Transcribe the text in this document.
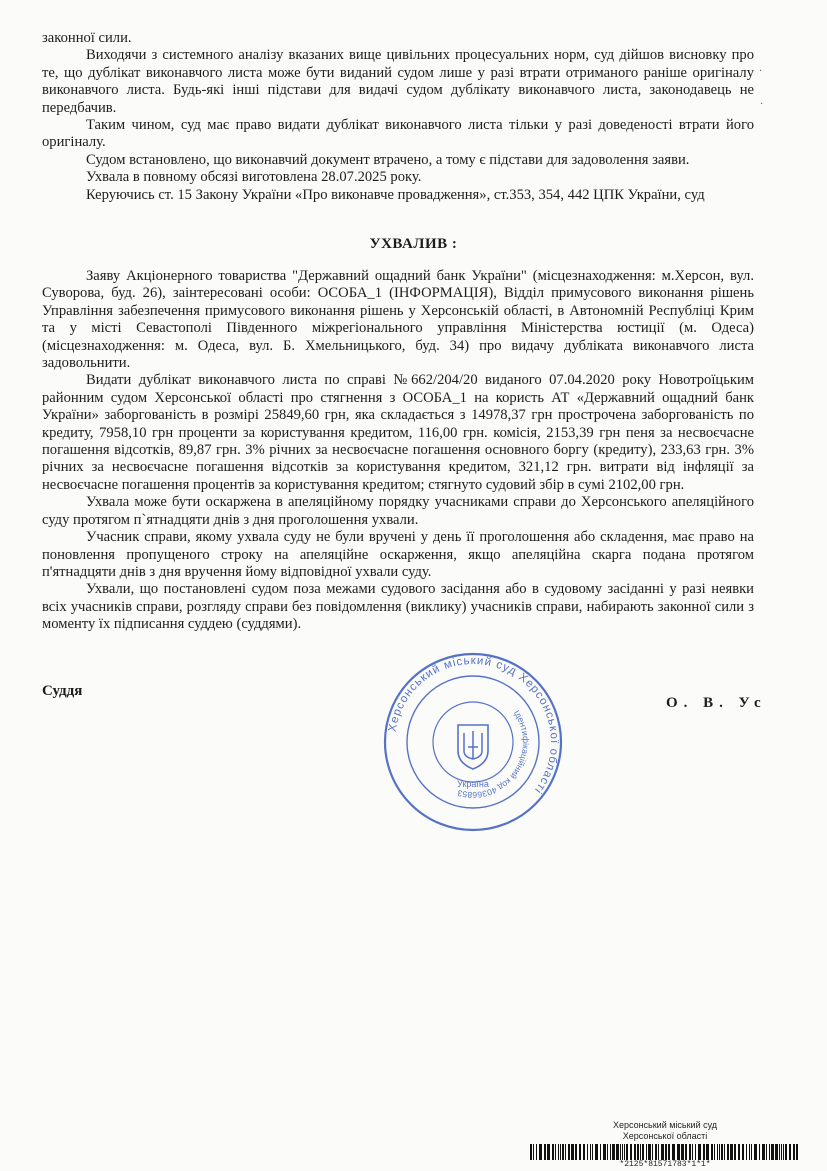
законної сили.

Виходячи з системного аналізу вказаних вище цивільних процесуальних норм, суд дійшов висновку про те, що дублікат виконавчого листа може бути виданий судом лише у разі втрати отриманого раніше оригіналу виконавчого листа. Будь-які інші підстави для видачі судом дублікату виконавчого листа, законодавець не передбачив.

Таким чином, суд має право видати дублікат виконавчого листа тільки у разі доведеності втрати його оригіналу.

Судом встановлено, що виконавчий документ втрачено, а тому є підстави для задоволення заяви.

Ухвала в повному обсязі виготовлена 28.07.2025 року.

Керуючись ст. 15 Закону України «Про виконавче провадження», ст.353, 354, 442 ЦПК України, суд

УХВАЛИВ :

Заяву Акціонерного товариства "Державний ощадний банк України" (місцезнаходження: м.Херсон, вул. Суворова, буд. 26), заінтересовані особи: ОСОБА_1 (ІНФОРМАЦІЯ), Відділ примусового виконання рішень Управління забезпечення примусового виконання рішень у Херсонській області, в Автономній Республіці Крим та у місті Севастополі Південного міжрегіонального управління Міністерства юстиції (м. Одеса) (місцезнаходження: м. Одеса, вул. Б. Хмельницького, буд. 34) про видачу дубліката виконавчого листа задовольнити.

Видати дублікат виконавчого листа по справі №662/204/20 виданого 07.04.2020 року Новотроїцьким районним судом Херсонської області про стягнення з ОСОБА_1 на користь АТ «Державний ощадний банк України» заборгованість в розмірі 25849,60 грн, яка складається з 14978,37 грн прострочена заборгованість по кредиту, 7958,10 грн проценти за користування кредитом, 116,00 грн. комісія, 2153,39 грн пеня за несвоєчасне погашення відсотків, 89,87 грн. 3% річних за несвоєчасне погашення основного боргу (кредиту), 233,63 грн. 3% річних за несвоєчасне погашення відсотків за користування кредитом, 321,12 грн. витрати від інфляції за несвоєчасне погашення процентів за користування кредитом; стягнуто судовий збір в сумі 2102,00 грн.

Ухвала може бути оскаржена в апеляційному порядку учасниками справи до Херсонського апеляційного суду протягом п`ятнадцяти днів з дня проголошення ухвали.

Учасник справи, якому ухвала суду не були вручені у день її проголошення або складення, має право на поновлення пропущеного строку на апеляційне оскарження, якщо апеляційна скарга подана протягом п'ятнадцяти днів з дня вручення йому відповідної ухвали суду.

Ухвали, що постановлені судом поза межами судового засідання або в судовому засіданні у разі неявки всіх учасників справи, розгляду справи без повідомлення (виклику) учасників справи, набирають законної сили з моменту їх підписання суддею (суддями).

Суддя
О. В. Ус
Херсонський міський суд Херсонської області
Ідентифікаційний код 40366853
Україна
Херсонський міський суд
Херсонської області
*2125*81571783*1*1*
·
·
